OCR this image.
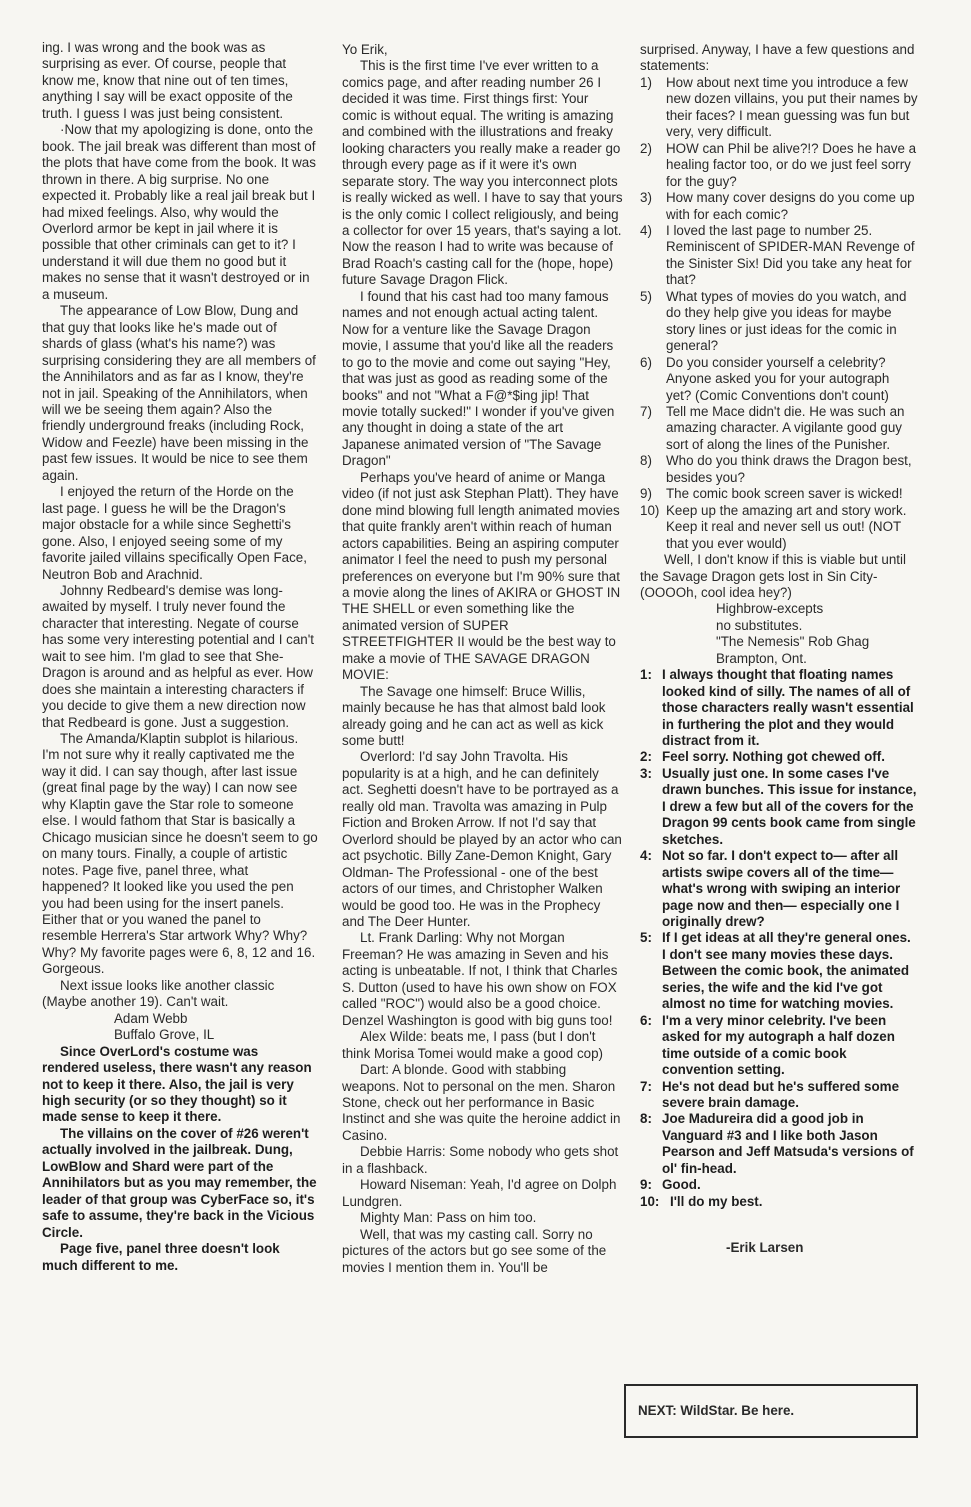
ing. I was wrong and the book was as surprising as ever. Of course, people that know me, know that nine out of ten times, anything I say will be exact opposite of the truth. I guess I was just being consistent.

·Now that my apologizing is done, onto the book. The jail break was different than most of the plots that have come from the book. It was thrown in there. A big surprise. No one expected it. Probably like a real jail break but I had mixed feelings. Also, why would the Overlord armor be kept in jail where it is possible that other criminals can get to it? I understand it will due them no good but it makes no sense that it wasn't destroyed or in a museum.

The appearance of Low Blow, Dung and that guy that looks like he's made out of shards of glass (what's his name?) was surprising considering they are all members of the Annihilators and as far as I know, they're not in jail. Speaking of the Annihilators, when will we be seeing them again? Also the friendly underground freaks (including Rock, Widow and Feezle) have been missing in the past few issues. It would be nice to see them again.

I enjoyed the return of the Horde on the last page. I guess he will be the Dragon's major obstacle for a while since Seghetti's gone. Also, I enjoyed seeing some of my favorite jailed villains specifically Open Face, Neutron Bob and Arachnid.

Johnny Redbeard's demise was long-awaited by myself. I truly never found the character that interesting. Negate of course has some very interesting potential and I can't wait to see him. I'm glad to see that She-Dragon is around and as helpful as ever. How does she maintain a interesting characters if you decide to give them a new direction now that Redbeard is gone. Just a suggestion.

The Amanda/Klaptin subplot is hilarious. I'm not sure why it really captivated me the way it did. I can say though, after last issue (great final page by the way) I can now see why Klaptin gave the Star role to someone else. I would fathom that Star is basically a Chicago musician since he doesn't seem to go on many tours. Finally, a couple of artistic notes. Page five, panel three, what happened? It looked like you used the pen you had been using for the insert panels. Either that or you waned the panel to resemble Herrera's Star artwork Why? Why? Why? My favorite pages were 6, 8, 12 and 16. Gorgeous.

Next issue looks like another classic (Maybe another 19). Can't wait.

Adam Webb

Buffalo Grove, IL

Since OverLord's costume was rendered useless, there wasn't any reason not to keep it there. Also, the jail is very high security (or so they thought) so it made sense to keep it there.

The villains on the cover of #26 weren't actually involved in the jailbreak. Dung, LowBlow and Shard were part of the Annihilators but as you may remember, the leader of that group was CyberFace so, it's safe to assume, they're back in the Vicious Circle.

Page five, panel three doesn't look much different to me.

Yo Erik,

This is the first time I've ever written to a comics page, and after reading number 26 I decided it was time. First things first: Your comic is without equal. The writing is amazing and combined with the illustrations and freaky looking characters you really make a reader go through every page as if it were it's own separate story. The way you interconnect plots is really wicked as well. I have to say that yours is the only comic I collect religiously, and being a collector for over 15 years, that's saying a lot. Now the reason I had to write was because of Brad Roach's casting call for the (hope, hope) future Savage Dragon Flick.

I found that his cast had too many famous names and not enough actual acting talent. Now for a venture like the Savage Dragon movie, I assume that you'd like all the readers to go to the movie and come out saying "Hey, that was just as good as reading some of the books" and not "What a F@*$ing jip! That movie totally sucked!" I wonder if you've given any thought in doing a state of the art Japanese animated version of "The Savage Dragon"

Perhaps you've heard of anime or Manga video (if not just ask Stephan Platt). They have done mind blowing full length animated movies that quite frankly aren't within reach of human actors capabilities. Being an aspiring computer animator I feel the need to push my personal preferences on everyone but I'm 90% sure that a movie along the lines of AKIRA or GHOST IN THE SHELL or even something like the animated version of SUPER STREETFIGHTER II would be the best way to make a movie of THE SAVAGE DRAGON MOVIE:

The Savage one himself: Bruce Willis, mainly because he has that almost bald look already going and he can act as well as kick some butt!

Overlord: I'd say John Travolta. His popularity is at a high, and he can definitely act. Seghetti doesn't have to be portrayed as a really old man. Travolta was amazing in Pulp Fiction and Broken Arrow. If not I'd say that Overlord should be played by an actor who can act psychotic. Billy Zane-Demon Knight, Gary Oldman- The Professional - one of the best actors of our times, and Christopher Walken would be good too. He was in the Prophecy and The Deer Hunter.

Lt. Frank Darling: Why not Morgan Freeman? He was amazing in Seven and his acting is unbeatable. If not, I think that Charles S. Dutton (used to have his own show on FOX called "ROC") would also be a good choice. Denzel Washington is good with big guns too!

Alex Wilde: beats me, I pass (but I don't think Morisa Tomei would make a good cop)

Dart: A blonde. Good with stabbing weapons. Not to personal on the men. Sharon Stone, check out her performance in Basic Instinct and she was quite the heroine addict in Casino.

Debbie Harris: Some nobody who gets shot in a flashback.

Howard Niseman: Yeah, I'd agree on Dolph Lundgren.

Mighty Man: Pass on him too.

Well, that was my casting call. Sorry no pictures of the actors but go see some of the movies I mention them in. You'll be

surprised. Anyway, I have a few questions and statements:

1)	How about next time you introduce a few new dozen villains, you put their names by their faces? I mean guessing was fun but very, very difficult.
2)	HOW can Phil be alive?!? Does he have a healing factor too, or do we just feel sorry for the guy?
3)	How many cover designs do you come up with for each comic?
4)	I loved the last page to number 25. Reminiscent of SPIDER-MAN Revenge of the Sinister Six! Did you take any heat for that?
5)	What types of movies do you watch, and do they help give you ideas for maybe story lines or just ideas for the comic in general?
6)	Do you consider yourself a celebrity? Anyone asked you for your autograph yet? (Comic Conventions don't count)
7)	Tell me Mace didn't die. He was such an amazing character. A vigilante good guy sort of along the lines of the Punisher.
8)	Who do you think draws the Dragon best, besides you?
9)	The comic book screen saver is wicked!
10) Keep up the amazing art and story work. Keep it real and never sell us out! (NOT that you ever would)

Well, I don't know if this is viable but until the Savage Dragon gets lost in Sin City- (OOOOh, cool idea hey?)

Highbrow-excepts

no substitutes.

"The Nemesis" Rob Ghag

Brampton, Ont.

1: I always thought that floating names looked kind of silly. The names of all of those characters really wasn't essential in furthering the plot and they would distract from it.
2: Feel sorry. Nothing got chewed off.
3: Usually just one. In some cases I've drawn bunches. This issue for instance, I drew a few but all of the covers for the Dragon 99 cents book came from single sketches.
4: Not so far. I don't expect to— after all artists swipe covers all of the time— what's wrong with swiping an interior page now and then— especially one I originally drew?
5: If I get ideas at all they're general ones. I don't see many movies these days. Between the comic book, the animated series, the wife and the kid I've got almost no time for watching movies.
6: I'm a very minor celebrity. I've been asked for my autograph a half dozen time outside of a comic book convention setting.
7: He's not dead but he's suffered some severe brain damage.
8: Joe Madureira did a good job in Vanguard #3 and I like both Jason Pearson and Jeff Matsuda's versions of ol' fin-head.
9: Good.
10: I'll do my best.

-Erik Larsen

NEXT: WildStar. Be here.
